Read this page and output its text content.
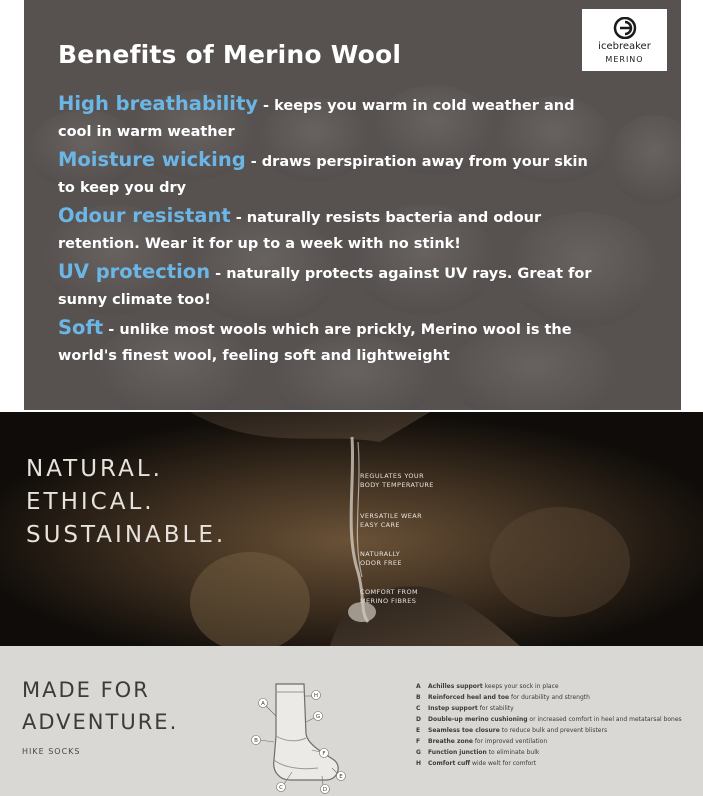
Benefits of Merino Wool	icebreaker
MERINO
High breathability - keeps you warm in cold weather and
cool in warm weather
Moisture wicking - draws perspiration away from your skin
to keep you dry
Odour resistant - naturally resists bacteria and odour
retention. Wear it for up to a week with no stink!
UV protection - naturally protects against UV rays. Great for
sunny climate too!
Soft - unlike most wools which are prickly, Merino wool is the
world's finest wool, feeling soft and lightweight
NATURAL.
ETHICAL.
SUSTAINABLE.
REGULATES YOUR
BODY TEMPERATURE
VERSATILE WEAR
EASY CARE
NATURALLY
ODOR FREE
COMFORT FROM
MERINO FIBRES
MADE FOR
ADVENTURE.
HIKE SOCKS
A
B
C	D
E
F
G
H
A Achilles support keeps your sock in place
B Reinforced heel and toe for durability and strength
C Instep support for stability
D Double-up merino cushioning or increased comfort in heel and metatarsal bones
E Seamless toe closure to reduce bulk and prevent blisters
F Breathe zone for improved ventilation
G Function junction to eliminate bulk
H Comfort cuff wide welt for comfort
